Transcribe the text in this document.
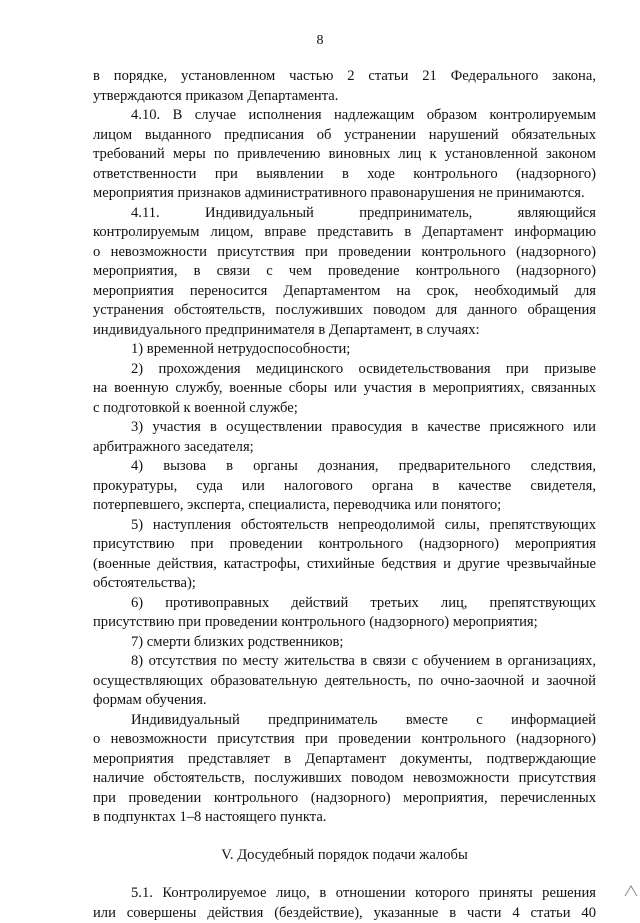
8
в порядке, установленном частью 2 статьи 21 Федерального закона,
утверждаются приказом Департамента.
4.10. В случае исполнения надлежащим образом контролируемым
лицом выданного предписания об устранении нарушений обязательных
требований меры по привлечению виновных лиц к установленной законом
ответственности при выявлении в ходе контрольного (надзорного)
мероприятия признаков административного правонарушения не принимаются.
4.11. Индивидуальный предприниматель, являющийся
контролируемым лицом, вправе представить в Департамент информацию
о невозможности присутствия при проведении контрольного (надзорного)
мероприятия, в связи с чем проведение контрольного (надзорного)
мероприятия переносится Департаментом на срок, необходимый для
устранения обстоятельств, послуживших поводом для данного обращения
индивидуального предпринимателя в Департамент, в случаях:
1) временной нетрудоспособности;
2) прохождения медицинского освидетельствования при призыве
на военную службу, военные сборы или участия в мероприятиях, связанных
с подготовкой к военной службе;
3) участия в осуществлении правосудия в качестве присяжного или
арбитражного заседателя;
4) вызова в органы дознания, предварительного следствия,
прокуратуры, суда или налогового органа в качестве свидетеля,
потерпевшего, эксперта, специалиста, переводчика или понятого;
5) наступления обстоятельств непреодолимой силы, препятствующих
присутствию при проведении контрольного (надзорного) мероприятия
(военные действия, катастрофы, стихийные бедствия и другие чрезвычайные
обстоятельства);
6) противоправных действий третьих лиц, препятствующих
присутствию при проведении контрольного (надзорного) мероприятия;
7) смерти близких родственников;
8) отсутствия по месту жительства в связи с обучением в организациях,
осуществляющих образовательную деятельность, по очно-заочной и заочной
формам обучения.
Индивидуальный предприниматель вместе с информацией
о невозможности присутствия при проведении контрольного (надзорного)
мероприятия представляет в Департамент документы, подтверждающие
наличие обстоятельств, послуживших поводом невозможности присутствия
при проведении контрольного (надзорного) мероприятия, перечисленных
в подпунктах 1–8 настоящего пункта.
V. Досудебный порядок подачи жалобы
5.1. Контролируемое лицо, в отношении которого приняты решения
или совершены действия (бездействие), указанные в части 4 статьи 40
